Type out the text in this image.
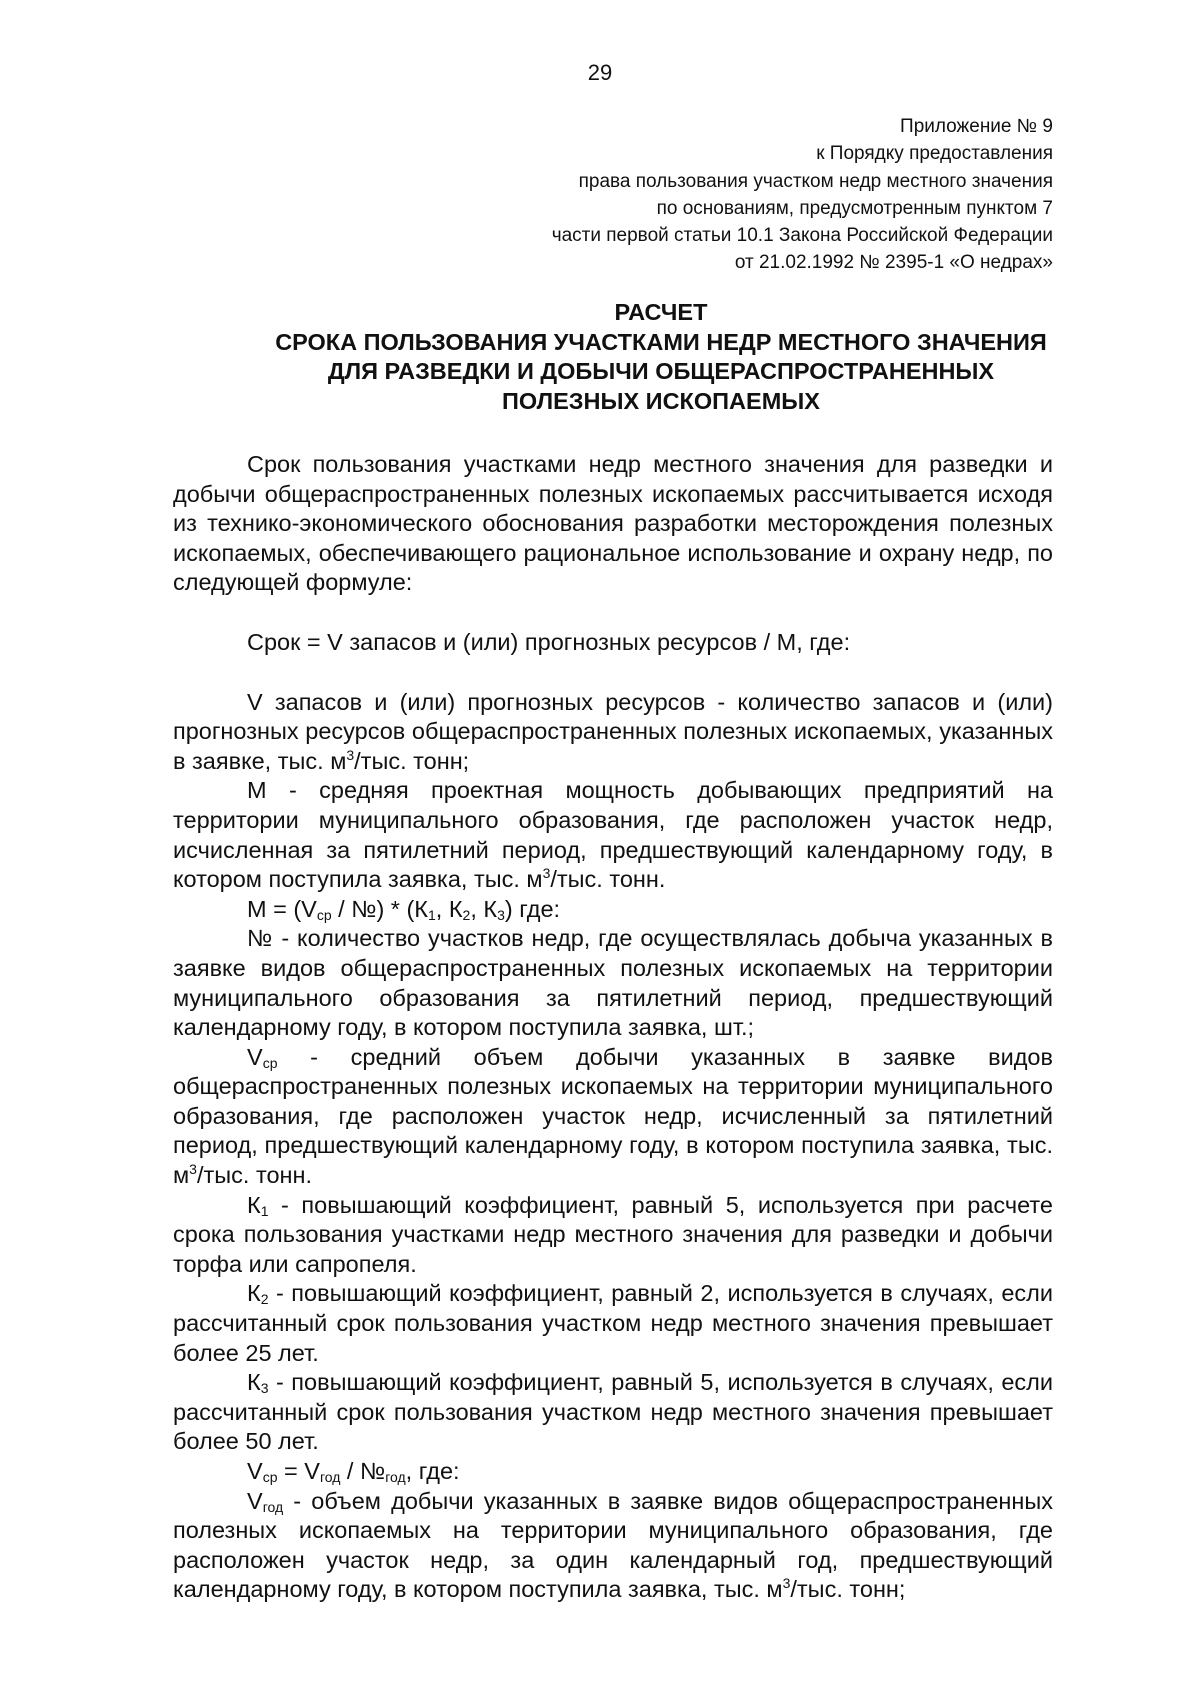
29
Приложение № 9
к Порядку предоставления
права пользования участком недр местного значения
по основаниям, предусмотренным пунктом 7
части первой статьи 10.1 Закона Российской Федерации
от 21.02.1992 № 2395-1 «О недрах»
РАСЧЕТ
СРОКА ПОЛЬЗОВАНИЯ УЧАСТКАМИ НЕДР МЕСТНОГО ЗНАЧЕНИЯ
ДЛЯ РАЗВЕДКИ И ДОБЫЧИ ОБЩЕРАСПРОСТРАНЕННЫХ
ПОЛЕЗНЫХ ИСКОПАЕМЫХ

Срок пользования участками недр местного значения для разведки и добычи общераспространенных полезных ископаемых рассчитывается исходя из технико-экономического обоснования разработки месторождения полезных ископаемых, обеспечивающего рациональное использование и охрану недр, по следующей формуле:

Срок = V запасов и (или) прогнозных ресурсов / М, где:

V запасов и (или) прогнозных ресурсов - количество запасов и (или) прогнозных ресурсов общераспространенных полезных ископаемых, указанных в заявке, тыс. $м^3$/тыс. тонн;

М - средняя проектная мощность добывающих предприятий на территории муниципального образования, где расположен участок недр, исчисленная за пятилетний период, предшествующий календарному году, в котором поступила заявка, тыс. $м^3$/тыс. тонн.

$М = (V_{ср}$ / №) * ($К_1$, $К_2$, $К_3$) где:

№ - количество участков недр, где осуществлялась добыча указанных в заявке видов общераспространенных полезных ископаемых на территории муниципального образования за пятилетний период, предшествующий календарному году, в котором поступила заявка, шт.;

$V_{ср}$ - средний объем добычи указанных в заявке видов общераспространенных полезных ископаемых на территории муниципального образования, где расположен участок недр, исчисленный за пятилетний период, предшествующий календарному году, в котором поступила заявка, тыс. $м^3$/тыс. тонн.

$К_1$ - повышающий коэффициент, равный 5, используется при расчете срока пользования участками недр местного значения для разведки и добычи торфа или сапропеля.

$К_2$ - повышающий коэффициент, равный 2, используется в случаях, если рассчитанный срок пользования участком недр местного значения превышает более 25 лет.

$К_3$ - повышающий коэффициент, равный 5, используется в случаях, если рассчитанный срок пользования участком недр местного значения превышает более 50 лет.

$V_{ср} = V_{год}$ / $№_{год}$, где:

$V_{год}$ - объем добычи указанных в заявке видов общераспространенных полезных ископаемых на территории муниципального образования, где расположен участок недр, за один календарный год, предшествующий календарному году, в котором поступила заявка, тыс. $м^3$/тыс. тонн;
